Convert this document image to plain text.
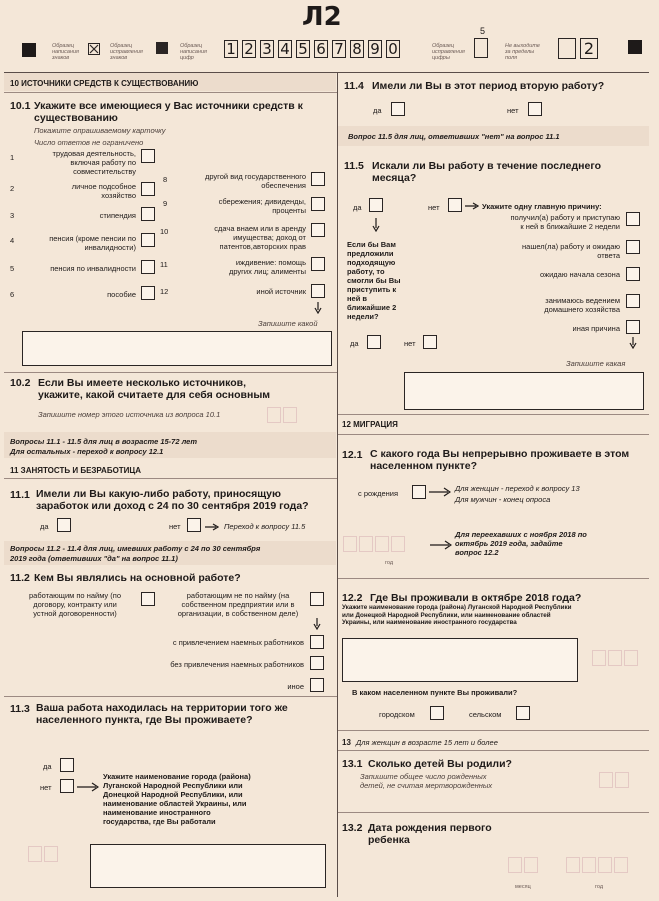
Л2
Образец написания знаков
Образец исправления знаков
Образец написания цифр	1 2 3 4 5 6 7 8 9 0	Образец исправления цифры
5
Не выходите за пределы поля	2
10 ИСТОЧНИКИ СРЕДСТВ К СУЩЕСТВОВАНИЮ
10.1 Укажите все имеющиеся у Вас источники средств к
существованию
Покажите опрашиваемому карточку
Число ответов не ограничено
1	трудовая деятельность,
включая работу по
совместительству
2	личное подсобное
хозяйство
3	стипендия
4	пенсия (кроме пенсии по
инвалидности)
5	пенсия по инвалидности
6	пособие
8	другой вид государственного
обеспечения
9	сбережения; дивиденды,
проценты
10	сдача внаем или в аренду
имущества; доход от
патентов,авторских прав
11	иждивение: помощь
других лиц; алименты
12	иной источник
Запишите какой
10.2 Если Вы имеете несколько источников,
укажите, какой считаете для себя основным
Запишите номер этого источника из вопроса 10.1
Вопросы 11.1 - 11.5 для лиц в возрасте 15-72 лет
Для остальных - переход к вопросу 12.1
11 ЗАНЯТОСТЬ И БЕЗРАБОТИЦА
11.1 Имели ли Вы какую-либо работу, приносящую
заработок или доход с 24 по 30 сентября 2019 года?
да	нет	Переход к вопросу 11.5
Вопросы 11.2 - 11.4 для лиц, имевших работу с 24 по 30 сентября
2019 года (ответивших "да" на вопрос 11.1)
11.2 Кем Вы являлись на основной работе?
работающим по найму (по
договору, контракту или
устной договоренности)
работающим не по найму (на
собственном предприятии или в
организации, в собственном деле)
с привлечением наемных работников
без привлечения наемных работников
иное
11.3 Ваша работа находилась на территории того же
населенного пункта, где Вы проживаете?
да
нет
Укажите наименование города (района)
Луганской Народной Республики или
Донецкой Народной Республики, или
наименование областей Украины, или
наименование иностранного
государства, где Вы работали
11.4 Имели ли Вы в этот период вторую работу?
да	нет
Вопрос 11.5 для лиц, ответивших "нет" на вопрос 11.1
11.5 Искали ли Вы работу в течение последнего
месяца?
да	нет	Укажите одну главную причину:
Если бы Вам
предложили
подходящую
работу, то
смогли бы Вы
приступить к
ней в
ближайшие 2
недели?
да	нет
получил(а) работу и приступаю
к ней в ближайшие 2 недели
нашел(ла) работу и ожидаю
ответа
ожидаю начала сезона
занимаюсь ведением
домашнего хозяйства
иная причина
Запишите какая
12 МИГРАЦИЯ
12.1 С какого года Вы непрерывно проживаете в этом
населенном пункте?
с рождения
Для женщин - переход к вопросу 13
Для мужчин - конец опроса
год
Для переехавших с ноября 2018 по
октябрь 2019 года, задайте
вопрос 12.2
12.2 Где Вы проживали в октябре 2018 года?
Укажите наименование города (района) Луганской Народной Республики
или Донецкой Народной Республики, или наименование областей
Украины, или наименование иностранного государства
В каком населенном пункте Вы проживали?
городском	сельском
13 Для женщин в возрасте 15 лет и более
13.1 Сколько детей Вы родили?
Запишите общее число рожденных
детей, не считая мертворожденных
13.2 Дата рождения первого
ребенка
месяц	год
